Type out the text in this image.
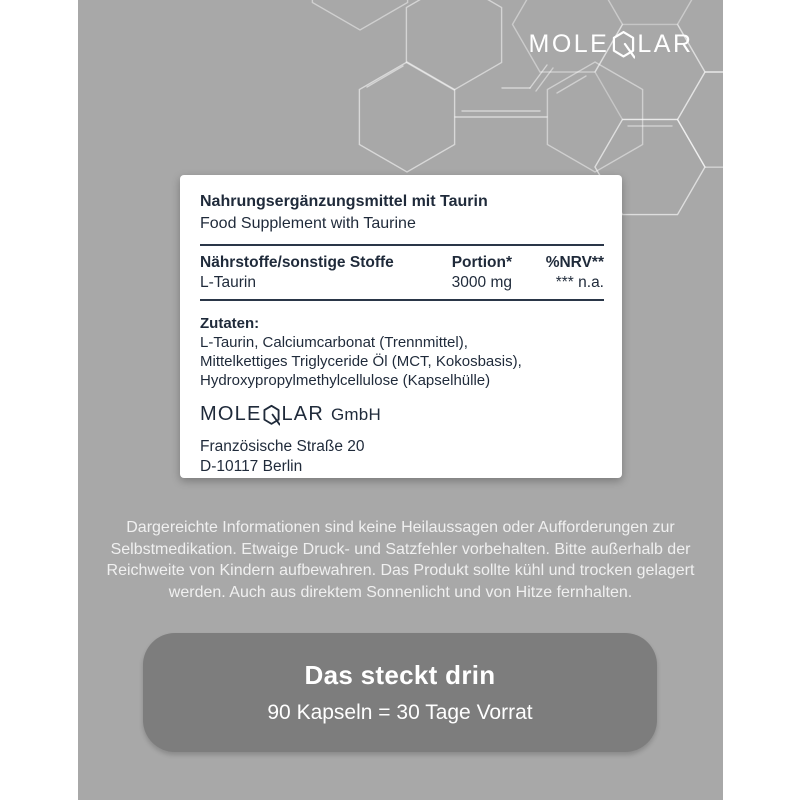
MOLE LAR
Nahrungsergänzungsmittel mit Taurin
Food Supplement with Taurine
Nährstoffe/sonstige Stoffe	Portion*	%NRV**
L-Taurin	3000 mg	*** n.a.
Zutaten:
L-Taurin, Calciumcarbonat (Trennmittel),
Mittelkettiges Triglyceride Öl (MCT, Kokosbasis),
Hydroxypropylmethylcellulose (Kapselhülle)
MOLE LAR GmbH
Französische Straße 20
D-10117 Berlin
Dargereichte Informationen sind keine Heilaussagen oder Aufforderungen zur
Selbstmedikation. Etwaige Druck- und Satzfehler vorbehalten. Bitte außerhalb der
Reichweite von Kindern aufbewahren. Das Produkt sollte kühl und trocken gelagert
werden. Auch aus direktem Sonnenlicht und von Hitze fernhalten.
Das steckt drin
90 Kapseln = 30 Tage Vorrat
